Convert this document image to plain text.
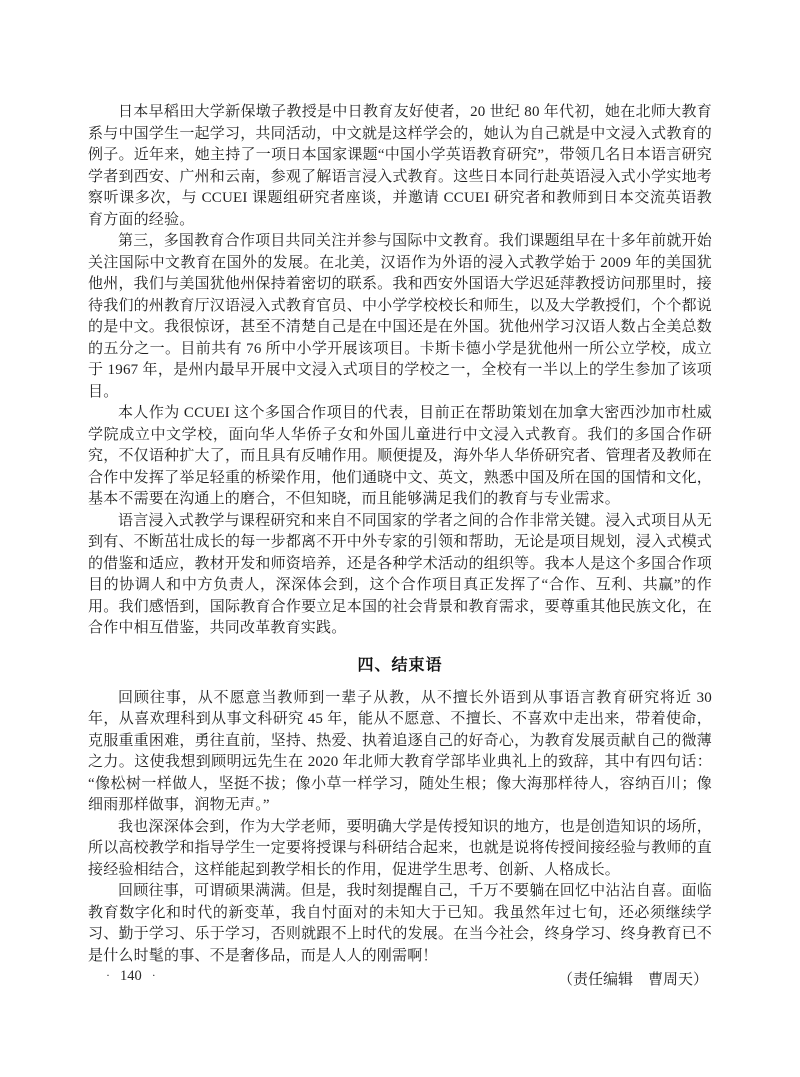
日本早稻田大学新保墩子教授是中日教育友好使者，20 世纪 80 年代初，她在北师大教育系与中国学生一起学习，共同活动，中文就是这样学会的，她认为自己就是中文浸入式教育的例子。近年来，她主持了一项日本国家课题“中国小学英语教育研究”，带领几名日本语言研究学者到西安、广州和云南，参观了解语言浸入式教育。这些日本同行赴英语浸入式小学实地考察听课多次，与 CCUEI 课题组研究者座谈，并邀请 CCUEI 研究者和教师到日本交流英语教育方面的经验。

第三，多国教育合作项目共同关注并参与国际中文教育。我们课题组早在十多年前就开始关注国际中文教育在国外的发展。在北美，汉语作为外语的浸入式教学始于 2009 年的美国犹他州，我们与美国犹他州保持着密切的联系。我和西安外国语大学迟延萍教授访问那里时，接待我们的州教育厅汉语浸入式教育官员、中小学学校校长和师生，以及大学教授们，个个都说的是中文。我很惊讶，甚至不清楚自己是在中国还是在外国。犹他州学习汉语人数占全美总数的五分之一。目前共有 76 所中小学开展该项目。卡斯卡德小学是犹他州一所公立学校，成立于 1967 年，是州内最早开展中文浸入式项目的学校之一，全校有一半以上的学生参加了该项目。

本人作为 CCUEI 这个多国合作项目的代表，目前正在帮助策划在加拿大密西沙加市杜威学院成立中文学校，面向华人华侨子女和外国儿童进行中文浸入式教育。我们的多国合作研究，不仅语种扩大了，而且具有反哺作用。顺便提及，海外华人华侨研究者、管理者及教师在合作中发挥了举足轻重的桥梁作用，他们通晓中文、英文，熟悉中国及所在国的国情和文化，基本不需要在沟通上的磨合，不但知晓，而且能够满足我们的教育与专业需求。

语言浸入式教学与课程研究和来自不同国家的学者之间的合作非常关键。浸入式项目从无到有、不断茁壮成长的每一步都离不开中外专家的引领和帮助，无论是项目规划，浸入式模式的借鉴和适应，教材开发和师资培养，还是各种学术活动的组织等。我本人是这个多国合作项目的协调人和中方负责人，深深体会到，这个合作项目真正发挥了“合作、互利、共赢”的作用。我们感悟到，国际教育合作要立足本国的社会背景和教育需求，要尊重其他民族文化，在合作中相互借鉴，共同改革教育实践。

四、结束语

回顾往事，从不愿意当教师到一辈子从教，从不擅长外语到从事语言教育研究将近 30 年，从喜欢理科到从事文科研究 45 年，能从不愿意、不擅长、不喜欢中走出来，带着使命，克服重重困难，勇往直前，坚持、热爱、执着追逐自己的好奇心，为教育发展贡献自己的微薄之力。这使我想到顾明远先生在 2020 年北师大教育学部毕业典礼上的致辞，其中有四句话：“像松树一样做人，坚挺不拔；像小草一样学习，随处生根；像大海那样待人，容纳百川；像细雨那样做事，润物无声。”

我也深深体会到，作为大学老师，要明确大学是传授知识的地方，也是创造知识的场所，所以高校教学和指导学生一定要将授课与科研结合起来，也就是说将传授间接经验与教师的直接经验相结合，这样能起到教学相长的作用，促进学生思考、创新、人格成长。

回顾往事，可谓硕果满满。但是，我时刻提醒自己，千万不要躺在回忆中沾沾自喜。面临教育数字化和时代的新变革，我自忖面对的未知大于已知。我虽然年过七旬，还必须继续学习、勤于学习、乐于学习，否则就跟不上时代的发展。在当今社会，终身学习、终身教育已不是什么时髦的事、不是奢侈品，而是人人的刚需啊！

（责任编辑　曹周天）

· 140 ·
